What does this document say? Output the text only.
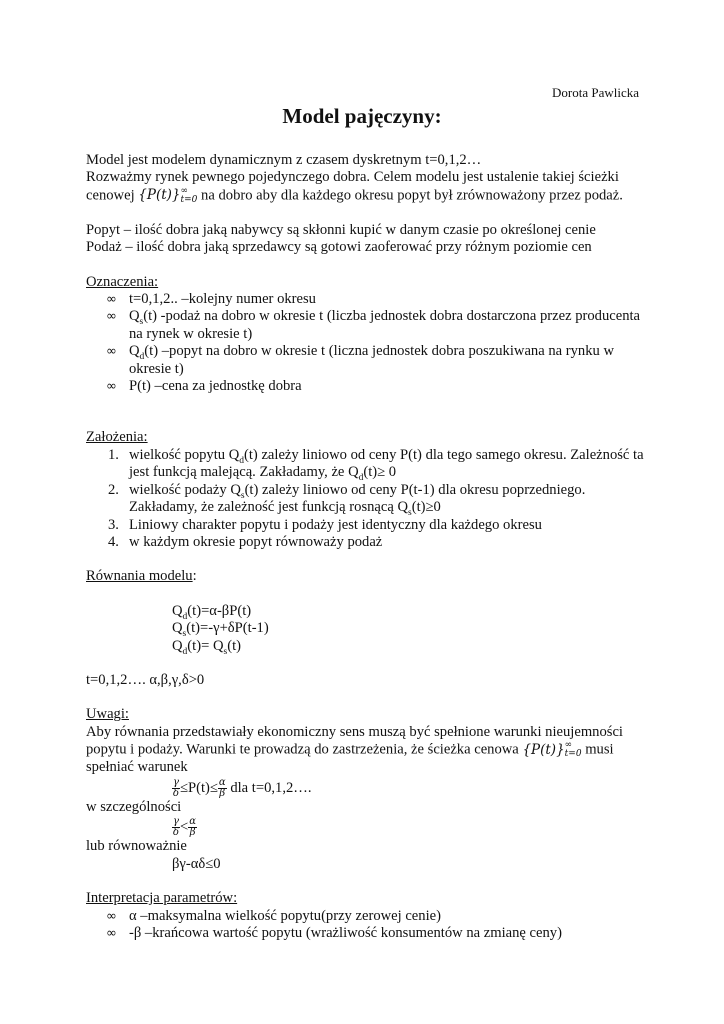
Dorota Pawlicka
Model pajęczyny:

Model jest modelem dynamicznym z czasem dyskretnym t=0,1,2…

Rozważmy rynek pewnego pojedynczego dobra. Celem modelu jest ustalenie takiej ścieżki

cenowej {P(t)} ∞
t=0 na dobro aby dla każdego okresu popyt był zrównoważony przez podaż.

Popyt – ilość dobra jaką nabywcy są skłonni kupić w danym czasie po określonej cenie

Podaż – ilość dobra jaką sprzedawcy są gotowi zaoferować przy różnym poziomie cen

Oznaczenia:

∞ t=0,1,2.. –kolejny numer okresu
∞ $Q_s(t)$ -podaż na dobro w okresie t (liczba jednostek dobra dostarczona przez producenta na rynek w okresie t)
∞ $Q_d(t)$ –popyt na dobro w okresie t (liczna jednostek dobra poszukiwana na rynku w okresie t)
∞ P(t) –cena za jednostkę dobra

Założenia:

1. wielkość popytu $Q_d(t)$ zależy liniowo od ceny P(t) dla tego samego okresu. Zależność ta jest funkcją malejącą. Zakładamy, że $Q_d(t)\ge 0$
2. wielkość podaży $Q_s(t)$ zależy liniowo od ceny P(t-1) dla okresu poprzedniego. Zakładamy, że zależność jest funkcją rosnącą $Q_s(t)\ge 0$
3. Liniowy charakter popytu i podaży jest identyczny dla każdego okresu
4. w każdym okresie popyt równoważy podaż

Równania modelu:

$Q_d(t)=\alpha-\beta P(t)$

$Q_s(t)=-\gamma+\delta P(t-1)$

$Q_d(t)= Q_s(t)$

t=0,1,2…. α,β,γ,δ>0

Uwagi:

Aby równania przedstawiały ekonomiczny sens muszą być spełnione warunki nieujemności

popytu i podaży. Warunki te prowadzą do zastrzeżenia, że ścieżka cenowa {P(t)} ∞
t=0 musi

spełniać warunek

$\frac{\gamma}{\delta} \le P(t)\le \frac{\alpha}{\beta}$ dla t=0,1,2….

w szczególności

$\frac{\gamma}{\delta} < \frac{\alpha}{\beta}$

lub równoważnie

βγ-αδ≤0

Interpretacja parametrów:

∞ α –maksymalna wielkość popytu(przy zerowej cenie)
∞ -β –krańcowa wartość popytu (wrażliwość konsumentów na zmianę ceny)
